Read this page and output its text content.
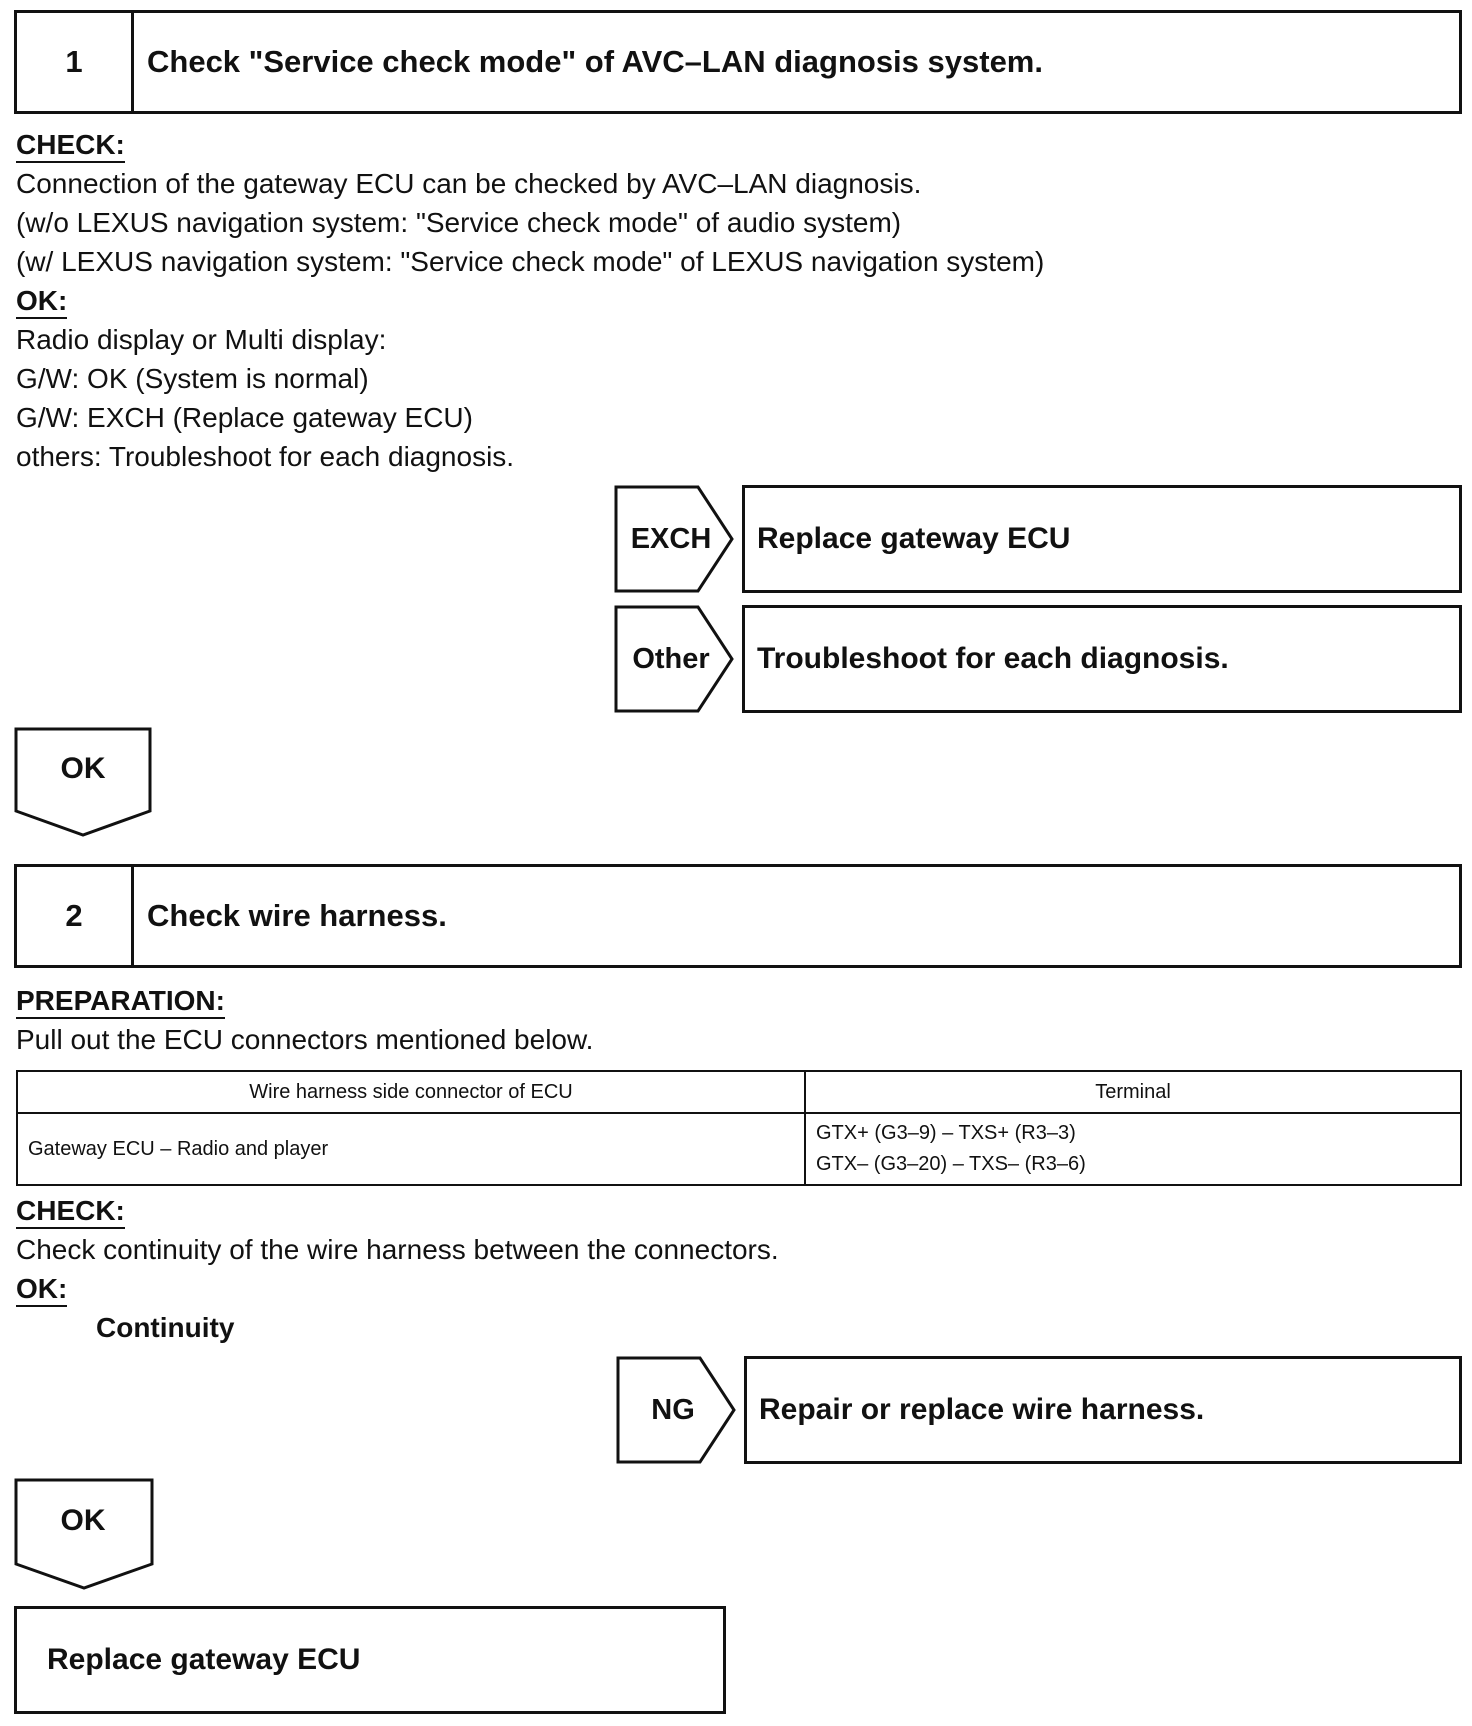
1	Check "Service check mode" of AVC–LAN diagnosis system.
CHECK:
Connection of the gateway ECU can be checked by AVC–LAN diagnosis.
(w/o LEXUS navigation system: "Service check mode" of audio system)
(w/ LEXUS navigation system: "Service check mode" of LEXUS navigation system)
OK:
Radio display or Multi display:
G/W: OK (System is normal)
G/W: EXCH (Replace gateway ECU)
others: Troubleshoot for each diagnosis.
EXCH	Replace gateway ECU
Other	Troubleshoot for each diagnosis.
OK
2	Check wire harness.
PREPARATION:
Pull out the ECU connectors mentioned below.
Wire harness side connector of ECU	Terminal
Gateway ECU – Radio and player	GTX+ (G3–9) – TXS+ (R3–3)
GTX– (G3–20) – TXS– (R3–6)
CHECK:
Check continuity of the wire harness between the connectors.
OK:
Continuity
NG	Repair or replace wire harness.
OK
Replace gateway ECU
